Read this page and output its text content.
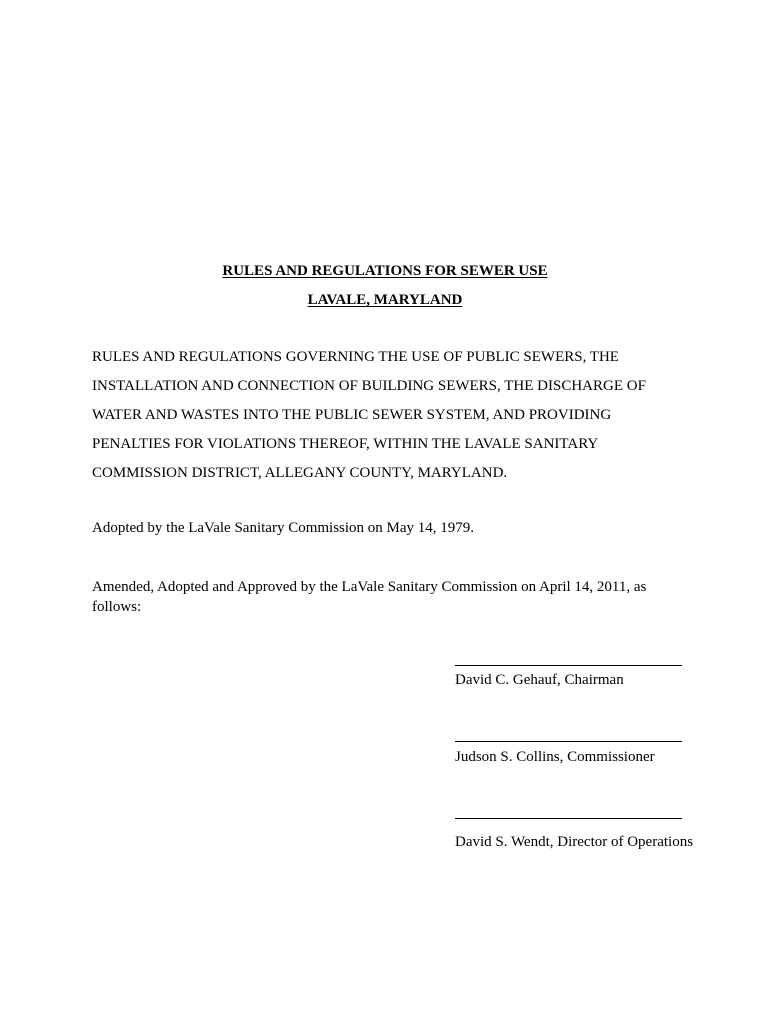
RULES AND REGULATIONS FOR SEWER USE
LAVALE, MARYLAND

RULES AND REGULATIONS GOVERNING THE USE OF PUBLIC SEWERS, THE
INSTALLATION AND CONNECTION OF BUILDING SEWERS, THE DISCHARGE OF
WATER AND WASTES INTO THE PUBLIC SEWER SYSTEM, AND PROVIDING
PENALTIES FOR VIOLATIONS THEREOF, WITHIN THE LAVALE SANITARY
COMMISSION DISTRICT, ALLEGANY COUNTY, MARYLAND.

Adopted by the LaVale Sanitary Commission on May 14, 1979.
Amended, Adopted and Approved by the LaVale Sanitary Commission on April 14, 2011, as
follows:
David C. Gehauf, Chairman
Judson S. Collins, Commissioner
David S. Wendt, Director of Operations
